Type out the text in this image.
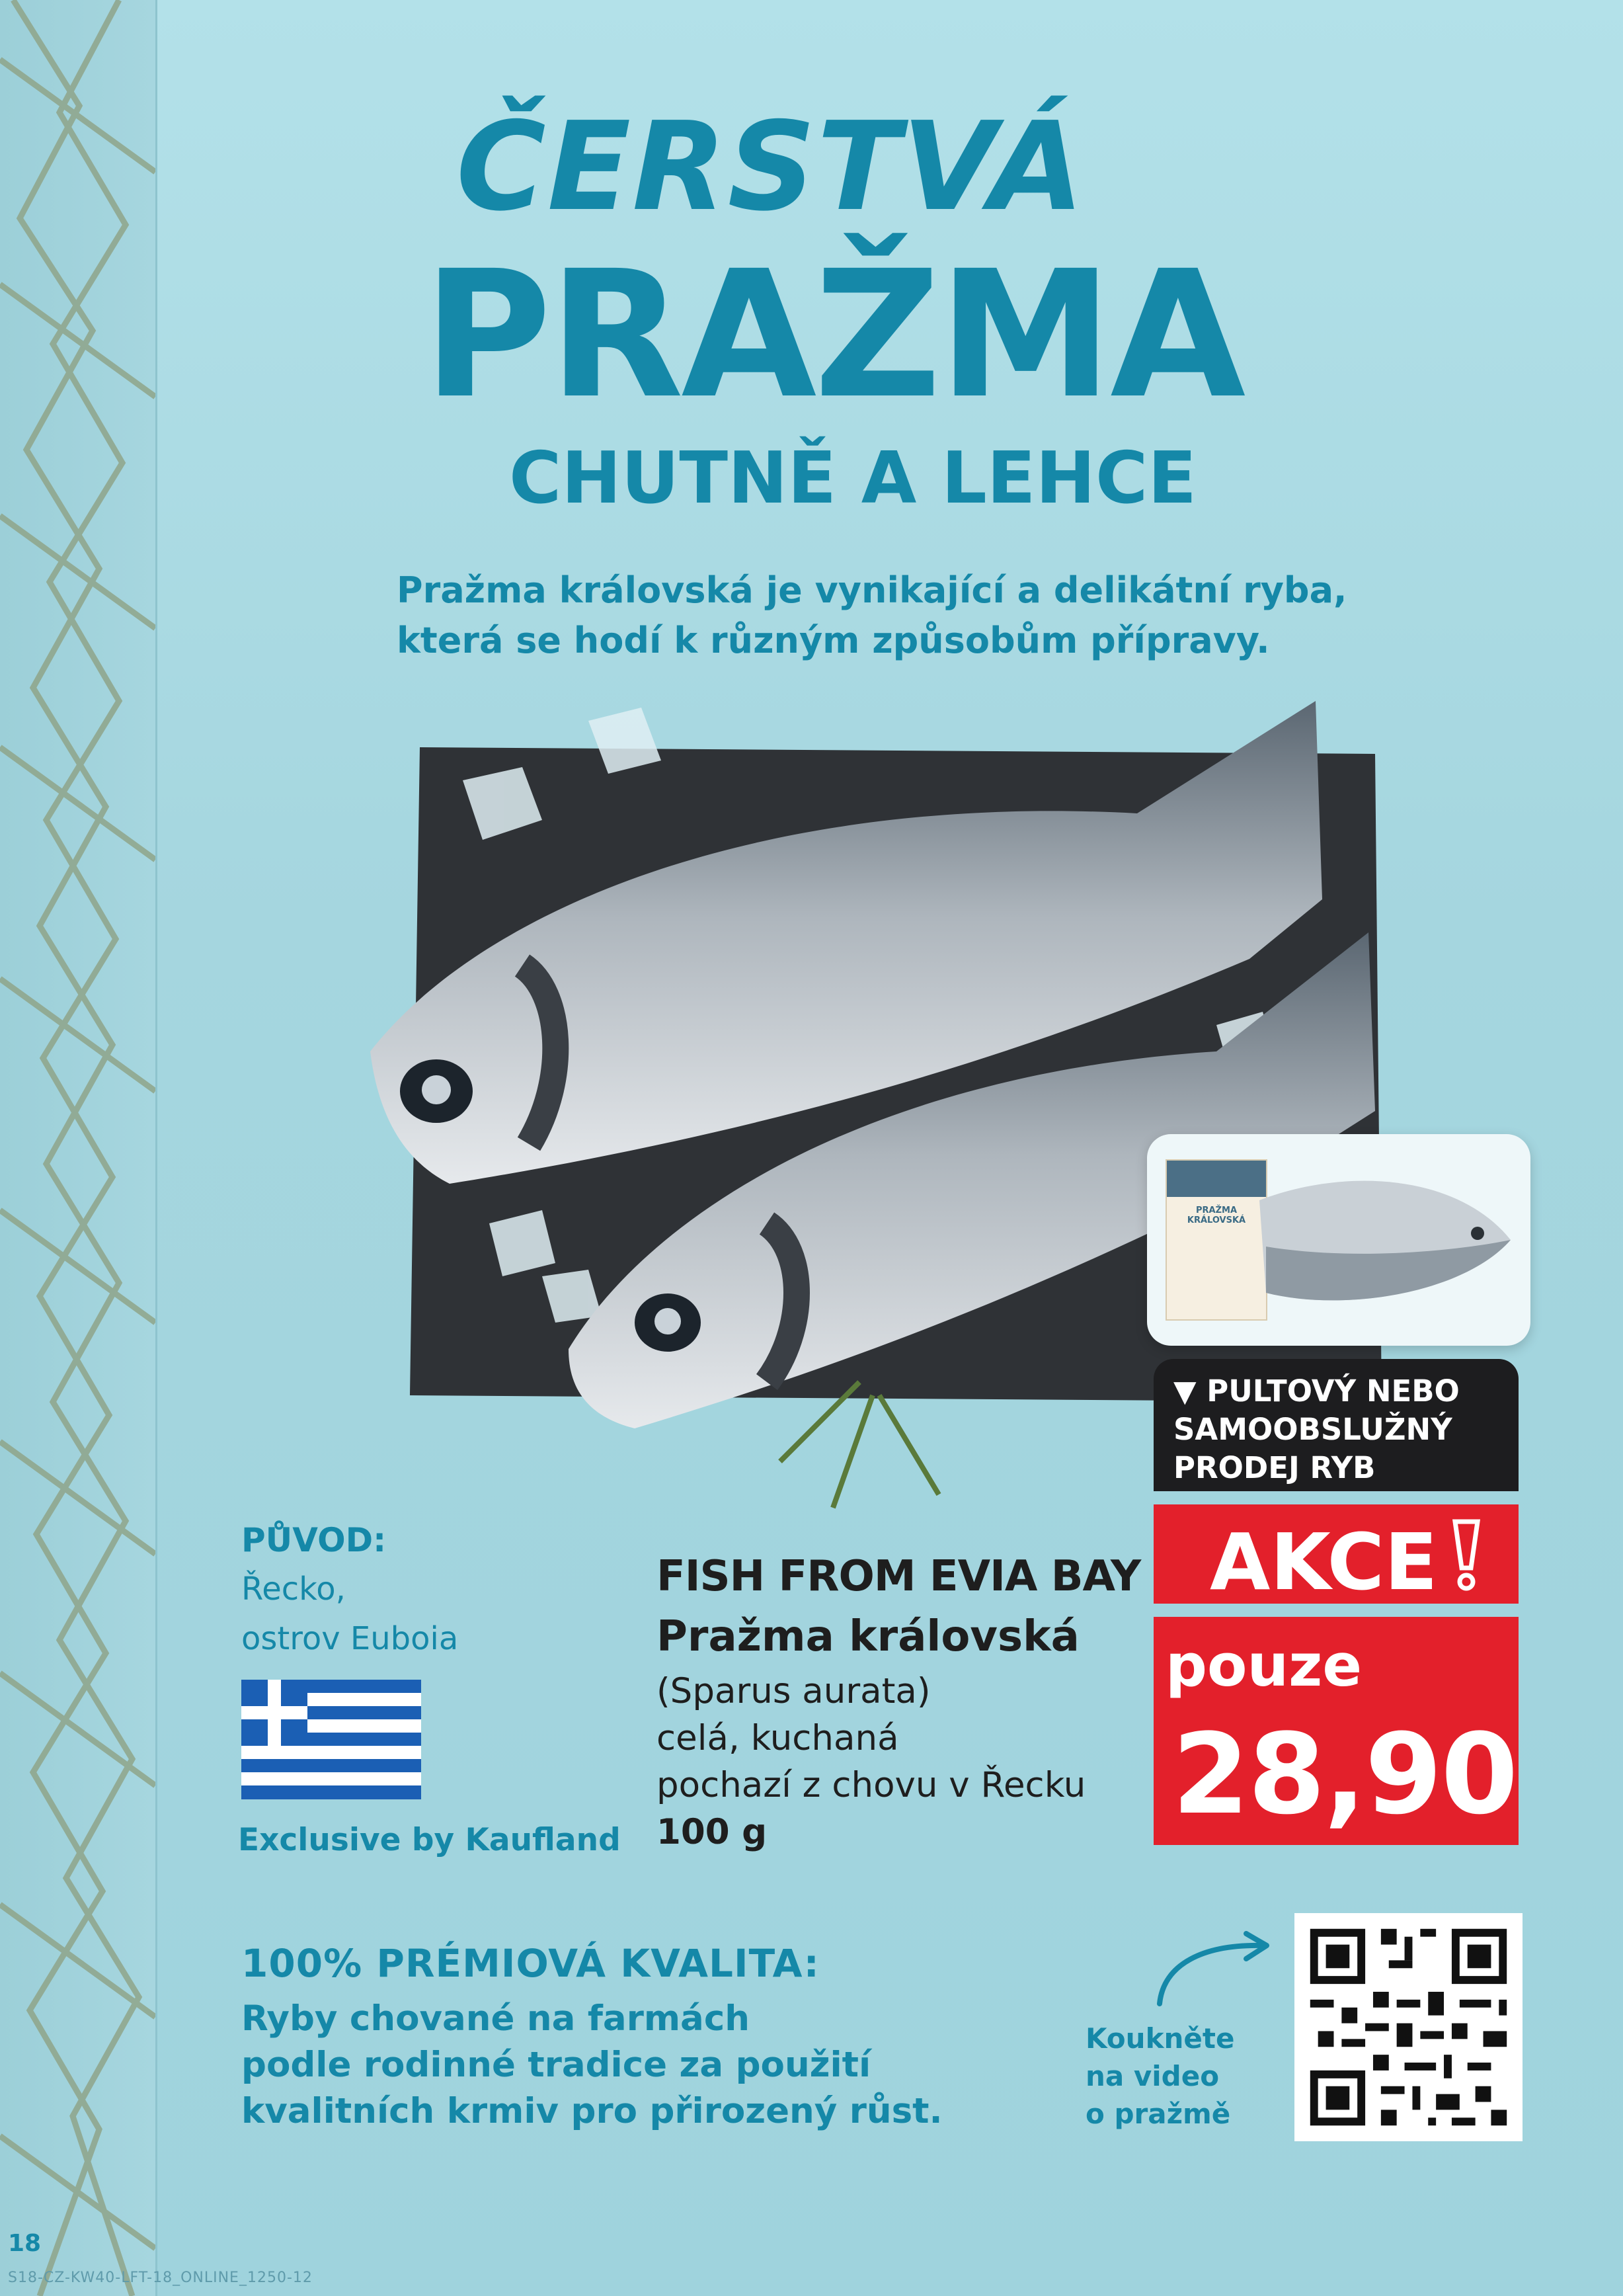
ČERSTVÁ
PRAŽMA
CHUTNĚ A LEHCE
Pražma královská je vynikající a delikátní ryba,
která se hodí k různým způsobům přípravy.
PRAŽMA KRÁLOVSKÁ
▼ PULTOVÝ NEBO
SAMOOBSLUŽNÝ
PRODEJ RYB
AKCE
pouze
28,90
PŮVOD:
Řecko,
ostrov Euboia
Exclusive by Kaufland
FISH FROM EVIA BAY
Pražma královská
(Sparus aurata)
celá, kuchaná
pochazí z chovu v Řecku
100 g
100% PRÉMIOVÁ KVALITA:
Ryby chované na farmách
podle rodinné tradice za použití
kvalitních krmiv pro přirozený růst.
Koukněte
na video
o pražmě
18
S18-CZ-KW40-LFT-18_ONLINE_1250-12
